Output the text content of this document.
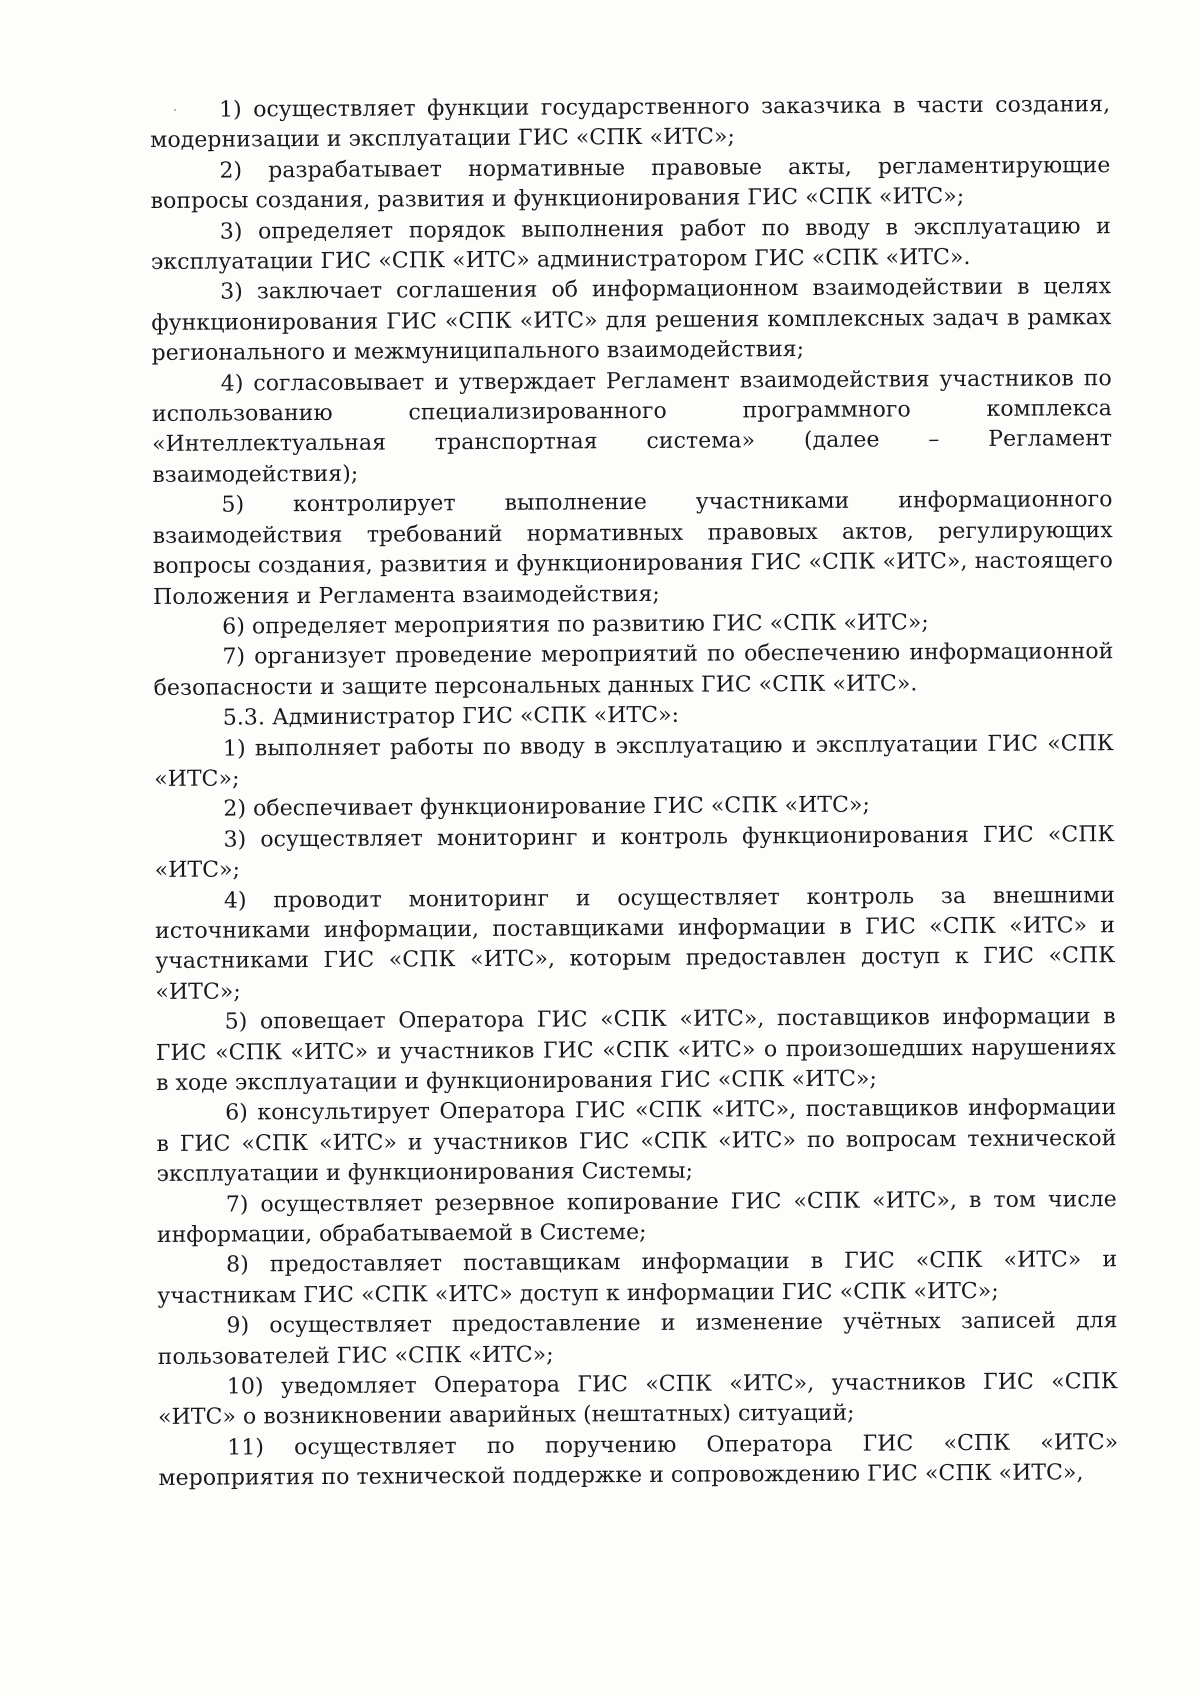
1) осуществляет функции государственного заказчика в части создания, модернизации и эксплуатации ГИС «СПК «ИТС»;

2) разрабатывает нормативные правовые акты, регламентирующие вопросы создания, развития и функционирования ГИС «СПК «ИТС»;

3) определяет порядок выполнения работ по вводу в эксплуатацию и эксплуатации ГИС «СПК «ИТС» администратором ГИС «СПК «ИТС».

3) заключает соглашения об информационном взаимодействии в целях функционирования ГИС «СПК «ИТС» для решения комплексных задач в рамках регионального и межмуниципального взаимодействия;

4) согласовывает и утверждает Регламент взаимодействия участников по использованию специализированного программного комплекса «Интеллектуальная транспортная система» (далее – Регламент взаимодействия);

5) контролирует выполнение участниками информационного взаимодействия требований нормативных правовых актов, регулирующих вопросы создания, развития и функционирования ГИС «СПК «ИТС», настоящего Положения и Регламента взаимодействия;

6) определяет мероприятия по развитию ГИС «СПК «ИТС»;

7) организует проведение мероприятий по обеспечению информационной безопасности и защите персональных данных ГИС «СПК «ИТС».

5.3. Администратор ГИС «СПК «ИТС»:

1) выполняет работы по вводу в эксплуатацию и эксплуатации ГИС «СПК «ИТС»;

2) обеспечивает функционирование ГИС «СПК «ИТС»;

3) осуществляет мониторинг и контроль функционирования ГИС «СПК «ИТС»;

4) проводит мониторинг и осуществляет контроль за внешними источниками информации, поставщиками информации в ГИС «СПК «ИТС» и участниками ГИС «СПК «ИТС», которым предоставлен доступ к ГИС «СПК «ИТС»;

5) оповещает Оператора ГИС «СПК «ИТС», поставщиков информации в ГИС «СПК «ИТС» и участников ГИС «СПК «ИТС» о произошедших нарушениях в ходе эксплуатации и функционирования ГИС «СПК «ИТС»;

6) консультирует Оператора ГИС «СПК «ИТС», поставщиков информации в ГИС «СПК «ИТС» и участников ГИС «СПК «ИТС» по вопросам технической эксплуатации и функционирования Системы;

7) осуществляет резервное копирование ГИС «СПК «ИТС», в том числе информации, обрабатываемой в Системе;

8) предоставляет поставщикам информации в ГИС «СПК «ИТС» и участникам ГИС «СПК «ИТС» доступ к информации ГИС «СПК «ИТС»;

9) осуществляет предоставление и изменение учётных записей для пользователей ГИС «СПК «ИТС»;

10) уведомляет Оператора ГИС «СПК «ИТС», участников ГИС «СПК «ИТС» о возникновении аварийных (нештатных) ситуаций;

11) осуществляет по поручению Оператора ГИС «СПК «ИТС» мероприятия по технической поддержке и сопровождению ГИС «СПК «ИТС»,
